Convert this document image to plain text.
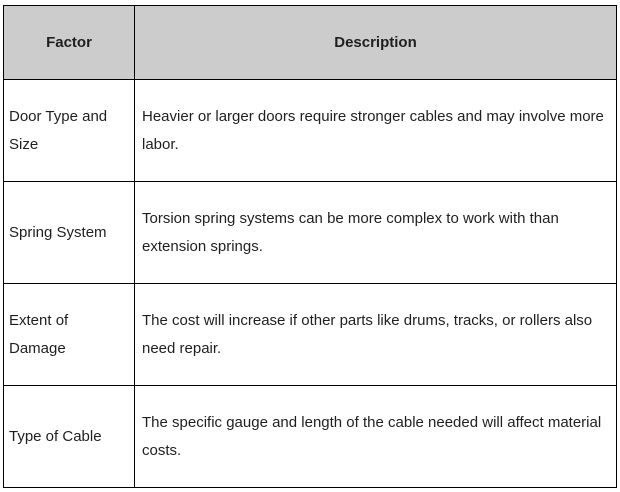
Factor	Description
Door Type and Size	Heavier or larger doors require stronger cables and may involve more labor.
Spring System	Torsion spring systems can be more complex to work with than extension springs.
Extent of Damage	The cost will increase if other parts like drums, tracks, or rollers also need repair.
Type of Cable	The specific gauge and length of the cable needed will affect material costs.
